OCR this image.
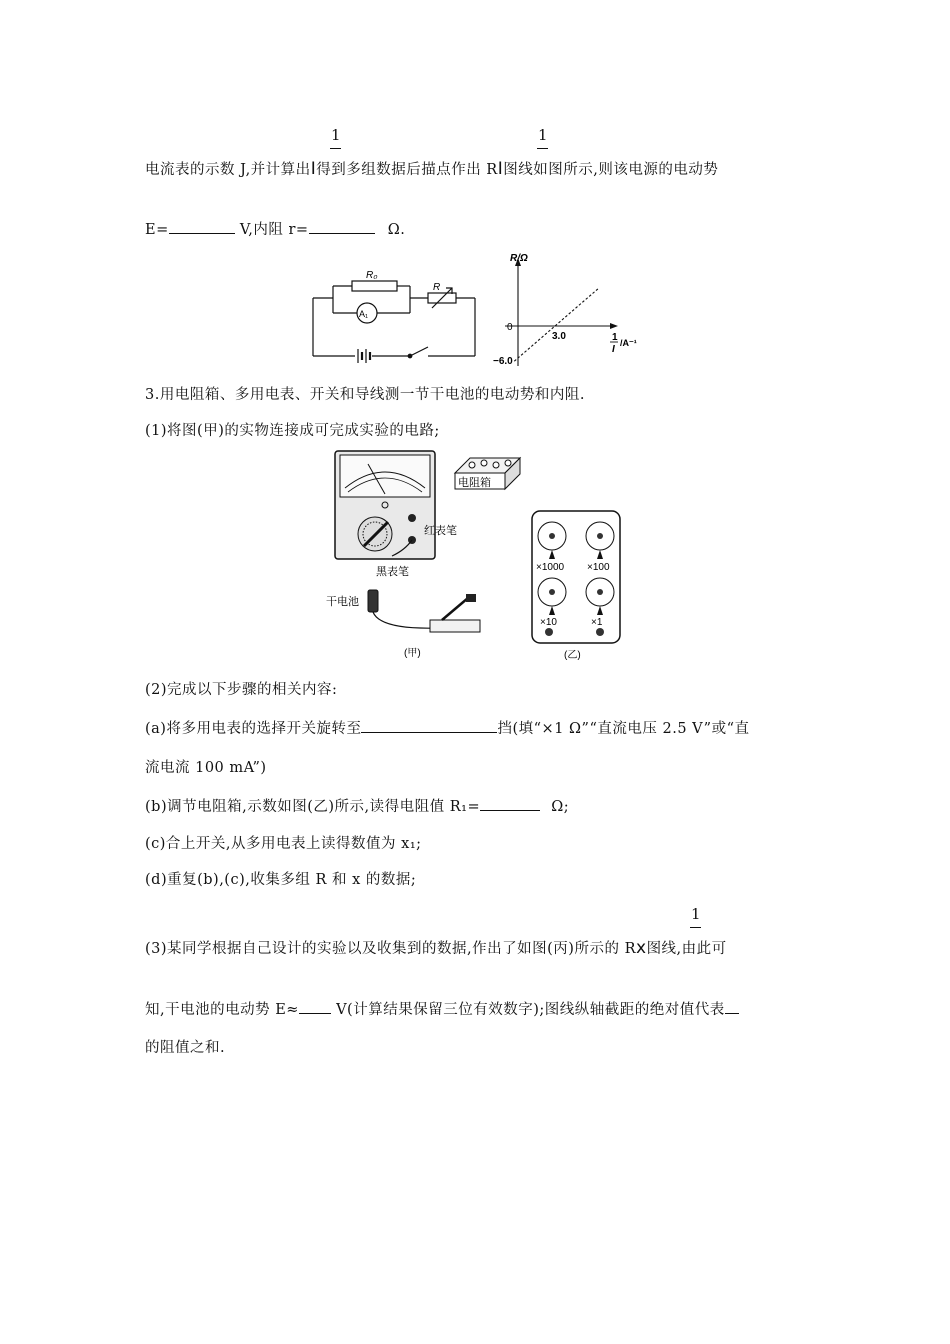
1	1
电流表的示数 J,并计算出I得到多组数据后描点作出 RI图线如图所示,则该电源的电动势
E=	V,内阻 r=	Ω.
R₀
A₁
R
R/Ω
0
3.0
−6.0
1
I
/A⁻¹
3.用电阻箱、多用电表、开关和导线测一节干电池的电动势和内阻.
(1)将图(甲)的实物连接成可完成实验的电路;
红表笔
黑表笔
电阻箱
干电池
(甲)
×1000 ×100
×10	×1
(乙)
(2)完成以下步骤的相关内容:
(a)将多用电表的选择开关旋转至	挡(填“×1 Ω”“直流电压 2.5 V”或“直
流电流 100 mA”)
(b)调节电阻箱,示数如图(乙)所示,读得电阻值 R₁=	Ω;
(c)合上开关,从多用电表上读得数值为 x₁;
(d)重复(b),(c),收集多组 R 和 x 的数据;
1
(3)某同学根据自己设计的实验以及收集到的数据,作出了如图(丙)所示的 Rx图线,由此可
知,干电池的电动势 E≈	V(计算结果保留三位有效数字);图线纵轴截距的绝对值代表
的阻值之和.
